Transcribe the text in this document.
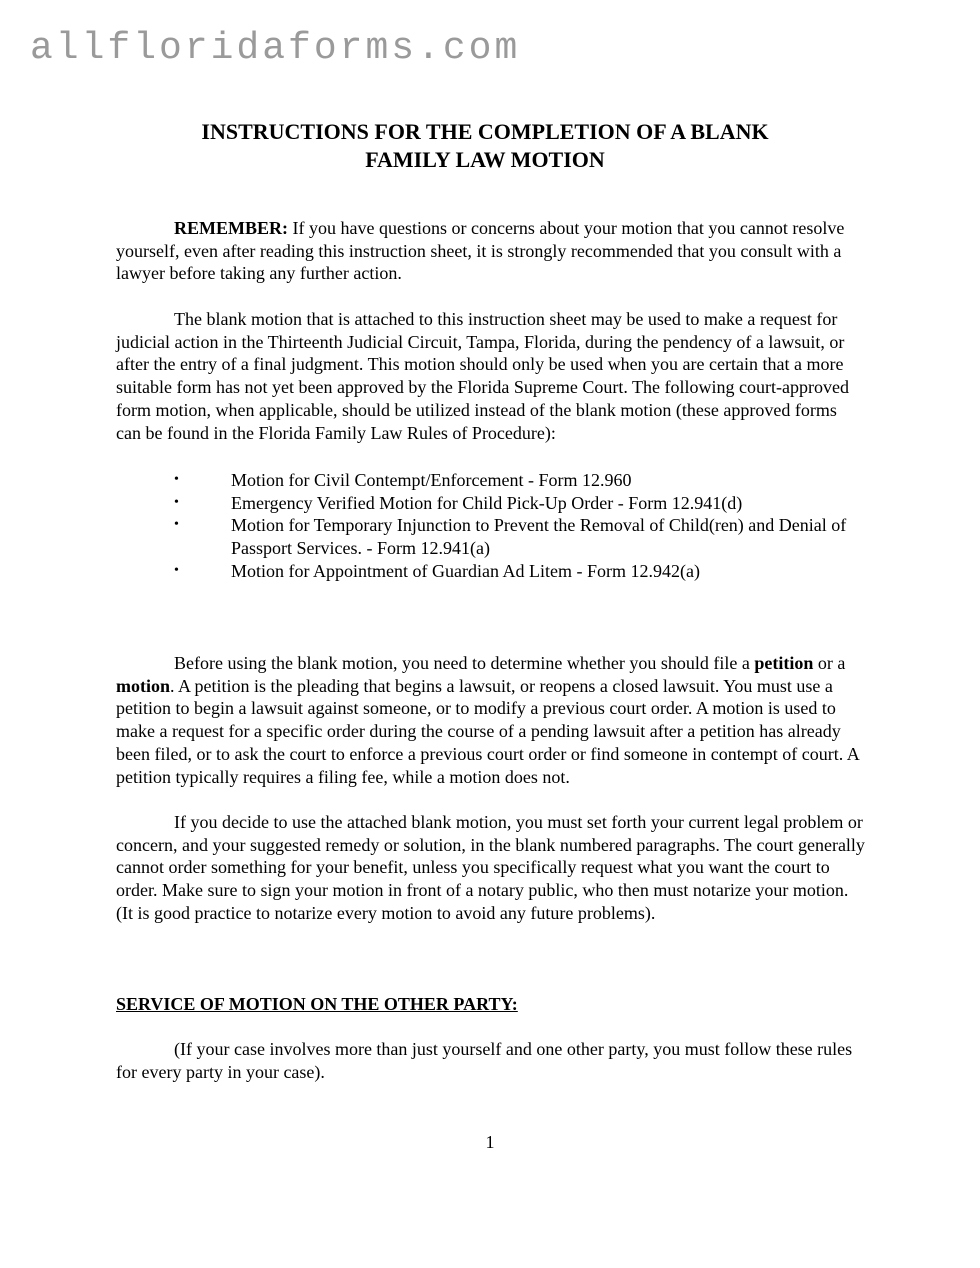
allfloridaforms.com
INSTRUCTIONS FOR THE COMPLETION OF A BLANK
FAMILY LAW MOTION

REMEMBER: If you have questions or concerns about your motion that you cannot resolve yourself, even after reading this instruction sheet, it is strongly recommended that you consult with a lawyer before taking any further action.

The blank motion that is attached to this instruction sheet may be used to make a request for judicial action in the Thirteenth Judicial Circuit, Tampa, Florida, during the pendency of a lawsuit, or after the entry of a final judgment. This motion should only be used when you are certain that a more suitable form has not yet been approved by the Florida Supreme Court. The following court-approved form motion, when applicable, should be utilized instead of the blank motion (these approved forms can be found in the Florida Family Law Rules of Procedure):

•	Motion for Civil Contempt/Enforcement - Form 12.960
•	Emergency Verified Motion for Child Pick-Up Order - Form 12.941(d)
•	Motion for Temporary Injunction to Prevent the Removal of Child(ren) and Denial of Passport Services. - Form 12.941(a)
•	Motion for Appointment of Guardian Ad Litem - Form 12.942(a)

Before using the blank motion, you need to determine whether you should file a petition or a motion. A petition is the pleading that begins a lawsuit, or reopens a closed lawsuit. You must use a petition to begin a lawsuit against someone, or to modify a previous court order. A motion is used to make a request for a specific order during the course of a pending lawsuit after a petition has already been filed, or to ask the court to enforce a previous court order or find someone in contempt of court. A petition typically requires a filing fee, while a motion does not.

If you decide to use the attached blank motion, you must set forth your current legal problem or concern, and your suggested remedy or solution, in the blank numbered paragraphs. The court generally cannot order something for your benefit, unless you specifically request what you want the court to order. Make sure to sign your motion in front of a notary public, who then must notarize your motion. (It is good practice to notarize every motion to avoid any future problems).

SERVICE OF MOTION ON THE OTHER PARTY:

(If your case involves more than just yourself and one other party, you must follow these rules for every party in your case).

1
